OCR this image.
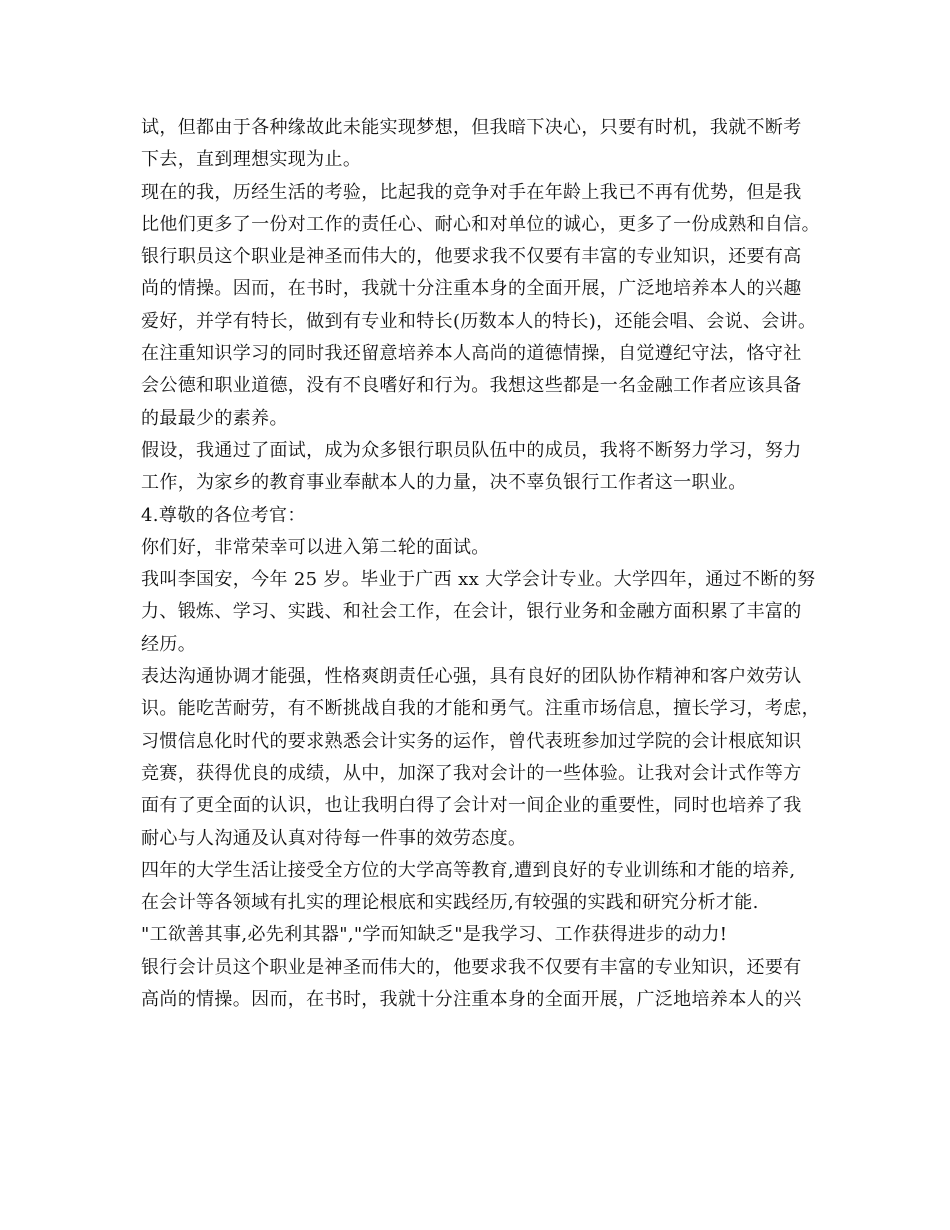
试，但都由于各种缘故此未能实现梦想，但我暗下决心，只要有时机，我就不断考
下去，直到理想实现为止。
现在的我，历经生活的考验，比起我的竞争对手在年龄上我已不再有优势，但是我
比他们更多了一份对工作的责任心、耐心和对单位的诚心，更多了一份成熟和自信。
银行职员这个职业是神圣而伟大的，他要求我不仅要有丰富的专业知识，还要有高
尚的情操。因而，在书时，我就十分注重本身的全面开展，广泛地培养本人的兴趣
爱好，并学有特长，做到有专业和特长(历数本人的特长)，还能会唱、会说、会讲。
在注重知识学习的同时我还留意培养本人高尚的道德情操，自觉遵纪守法，恪守社
会公德和职业道德，没有不良嗜好和行为。我想这些都是一名金融工作者应该具备
的最最少的素养。
假设，我通过了面试，成为众多银行职员队伍中的成员，我将不断努力学习，努力
工作，为家乡的教育事业奉献本人的力量，决不辜负银行工作者这一职业。
4.尊敬的各位考官：
你们好，非常荣幸可以进入第二轮的面试。
我叫李国安，今年 25 岁。毕业于广西 xx 大学会计专业。大学四年，通过不断的努
力、锻炼、学习、实践、和社会工作，在会计，银行业务和金融方面积累了丰富的
经历。
表达沟通协调才能强，性格爽朗责任心强，具有良好的团队协作精神和客户效劳认
识。能吃苦耐劳，有不断挑战自我的才能和勇气。注重市场信息，擅长学习，考虑，
习惯信息化时代的要求熟悉会计实务的运作，曾代表班参加过学院的会计根底知识
竞赛，获得优良的成绩，从中，加深了我对会计的一些体验。让我对会计式作等方
面有了更全面的认识，也让我明白得了会计对一间企业的重要性，同时也培养了我
耐心与人沟通及认真对待每一件事的效劳态度。
四年的大学生活让接受全方位的大学高等教育,遭到良好的专业训练和才能的培养,
在会计等各领域有扎实的理论根底和实践经历,有较强的实践和研究分析才能.
"工欲善其事,必先利其器","学而知缺乏"是我学习、工作获得进步的动力!
银行会计员这个职业是神圣而伟大的，他要求我不仅要有丰富的专业知识，还要有
高尚的情操。因而，在书时，我就十分注重本身的全面开展，广泛地培养本人的兴
